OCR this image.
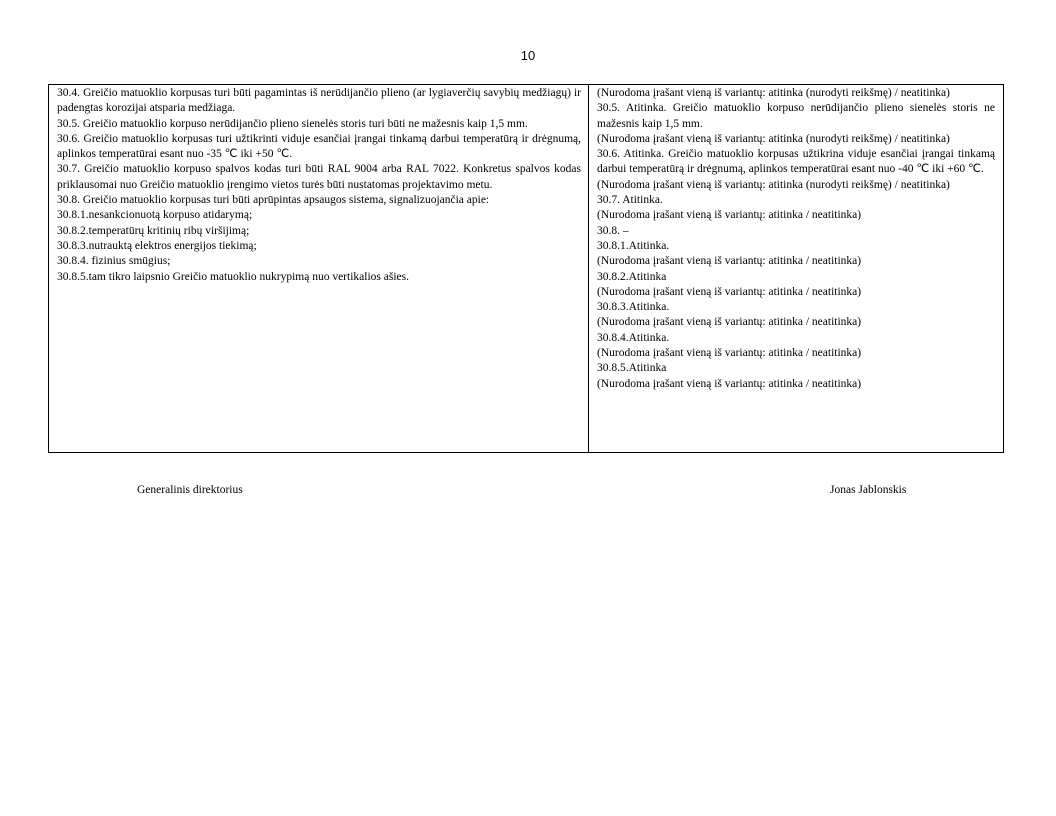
10

30.4. Greičio matuoklio korpusas turi būti pagamintas iš nerūdijančio plieno (ar lygiaverčių savybių medžiagų) ir padengtas korozijai atsparia medžiaga.

30.5. Greičio matuoklio korpuso nerūdijančio plieno sienelės storis turi būti ne mažesnis kaip 1,5 mm.

30.6. Greičio matuoklio korpusas turi užtikrinti viduje esančiai įrangai tinkamą darbui temperatūrą ir drėgnumą, aplinkos temperatūrai esant nuo -35 ℃ iki +50 ℃.

30.7. Greičio matuoklio korpuso spalvos kodas turi būti RAL 9004 arba RAL 7022. Konkretus spalvos kodas priklausomai nuo Greičio matuoklio įrengimo vietos turės būti nustatomas projektavimo metu.

30.8. Greičio matuoklio korpusas turi būti aprūpintas apsaugos sistema, signalizuojančia apie:

30.8.1.nesankcionuotą korpuso atidarymą;

30.8.2.temperatūrų kritinių ribų viršijimą;

30.8.3.nutrauktą elektros energijos tiekimą;

30.8.4. fizinius smūgius;

30.8.5.tam tikro laipsnio Greičio matuoklio nukrypimą nuo vertikalios ašies.

(Nurodoma įrašant vieną iš variantų: atitinka (nurodyti reikšmę) / neatitinka)

30.5. Atitinka. Greičio matuoklio korpuso nerūdijančio plieno sienelės storis ne mažesnis kaip 1,5 mm.

(Nurodoma įrašant vieną iš variantų: atitinka (nurodyti reikšmę) / neatitinka)

30.6. Atitinka. Greičio matuoklio korpusas užtikrina viduje esančiai įrangai tinkamą darbui temperatūrą ir drėgnumą, aplinkos temperatūrai esant nuo -40 ℃ iki +60 ℃.

(Nurodoma įrašant vieną iš variantų: atitinka (nurodyti reikšmę) / neatitinka)

30.7. Atitinka.

(Nurodoma įrašant vieną iš variantų: atitinka / neatitinka)

30.8. –

30.8.1.Atitinka.

(Nurodoma įrašant vieną iš variantų: atitinka / neatitinka)

30.8.2.Atitinka

(Nurodoma įrašant vieną iš variantų: atitinka / neatitinka)

30.8.3.Atitinka.

(Nurodoma įrašant vieną iš variantų: atitinka / neatitinka)

30.8.4.Atitinka.

(Nurodoma įrašant vieną iš variantų: atitinka / neatitinka)

30.8.5.Atitinka

(Nurodoma įrašant vieną iš variantų: atitinka / neatitinka)

Generalinis direktorius	Jonas Jablonskis
